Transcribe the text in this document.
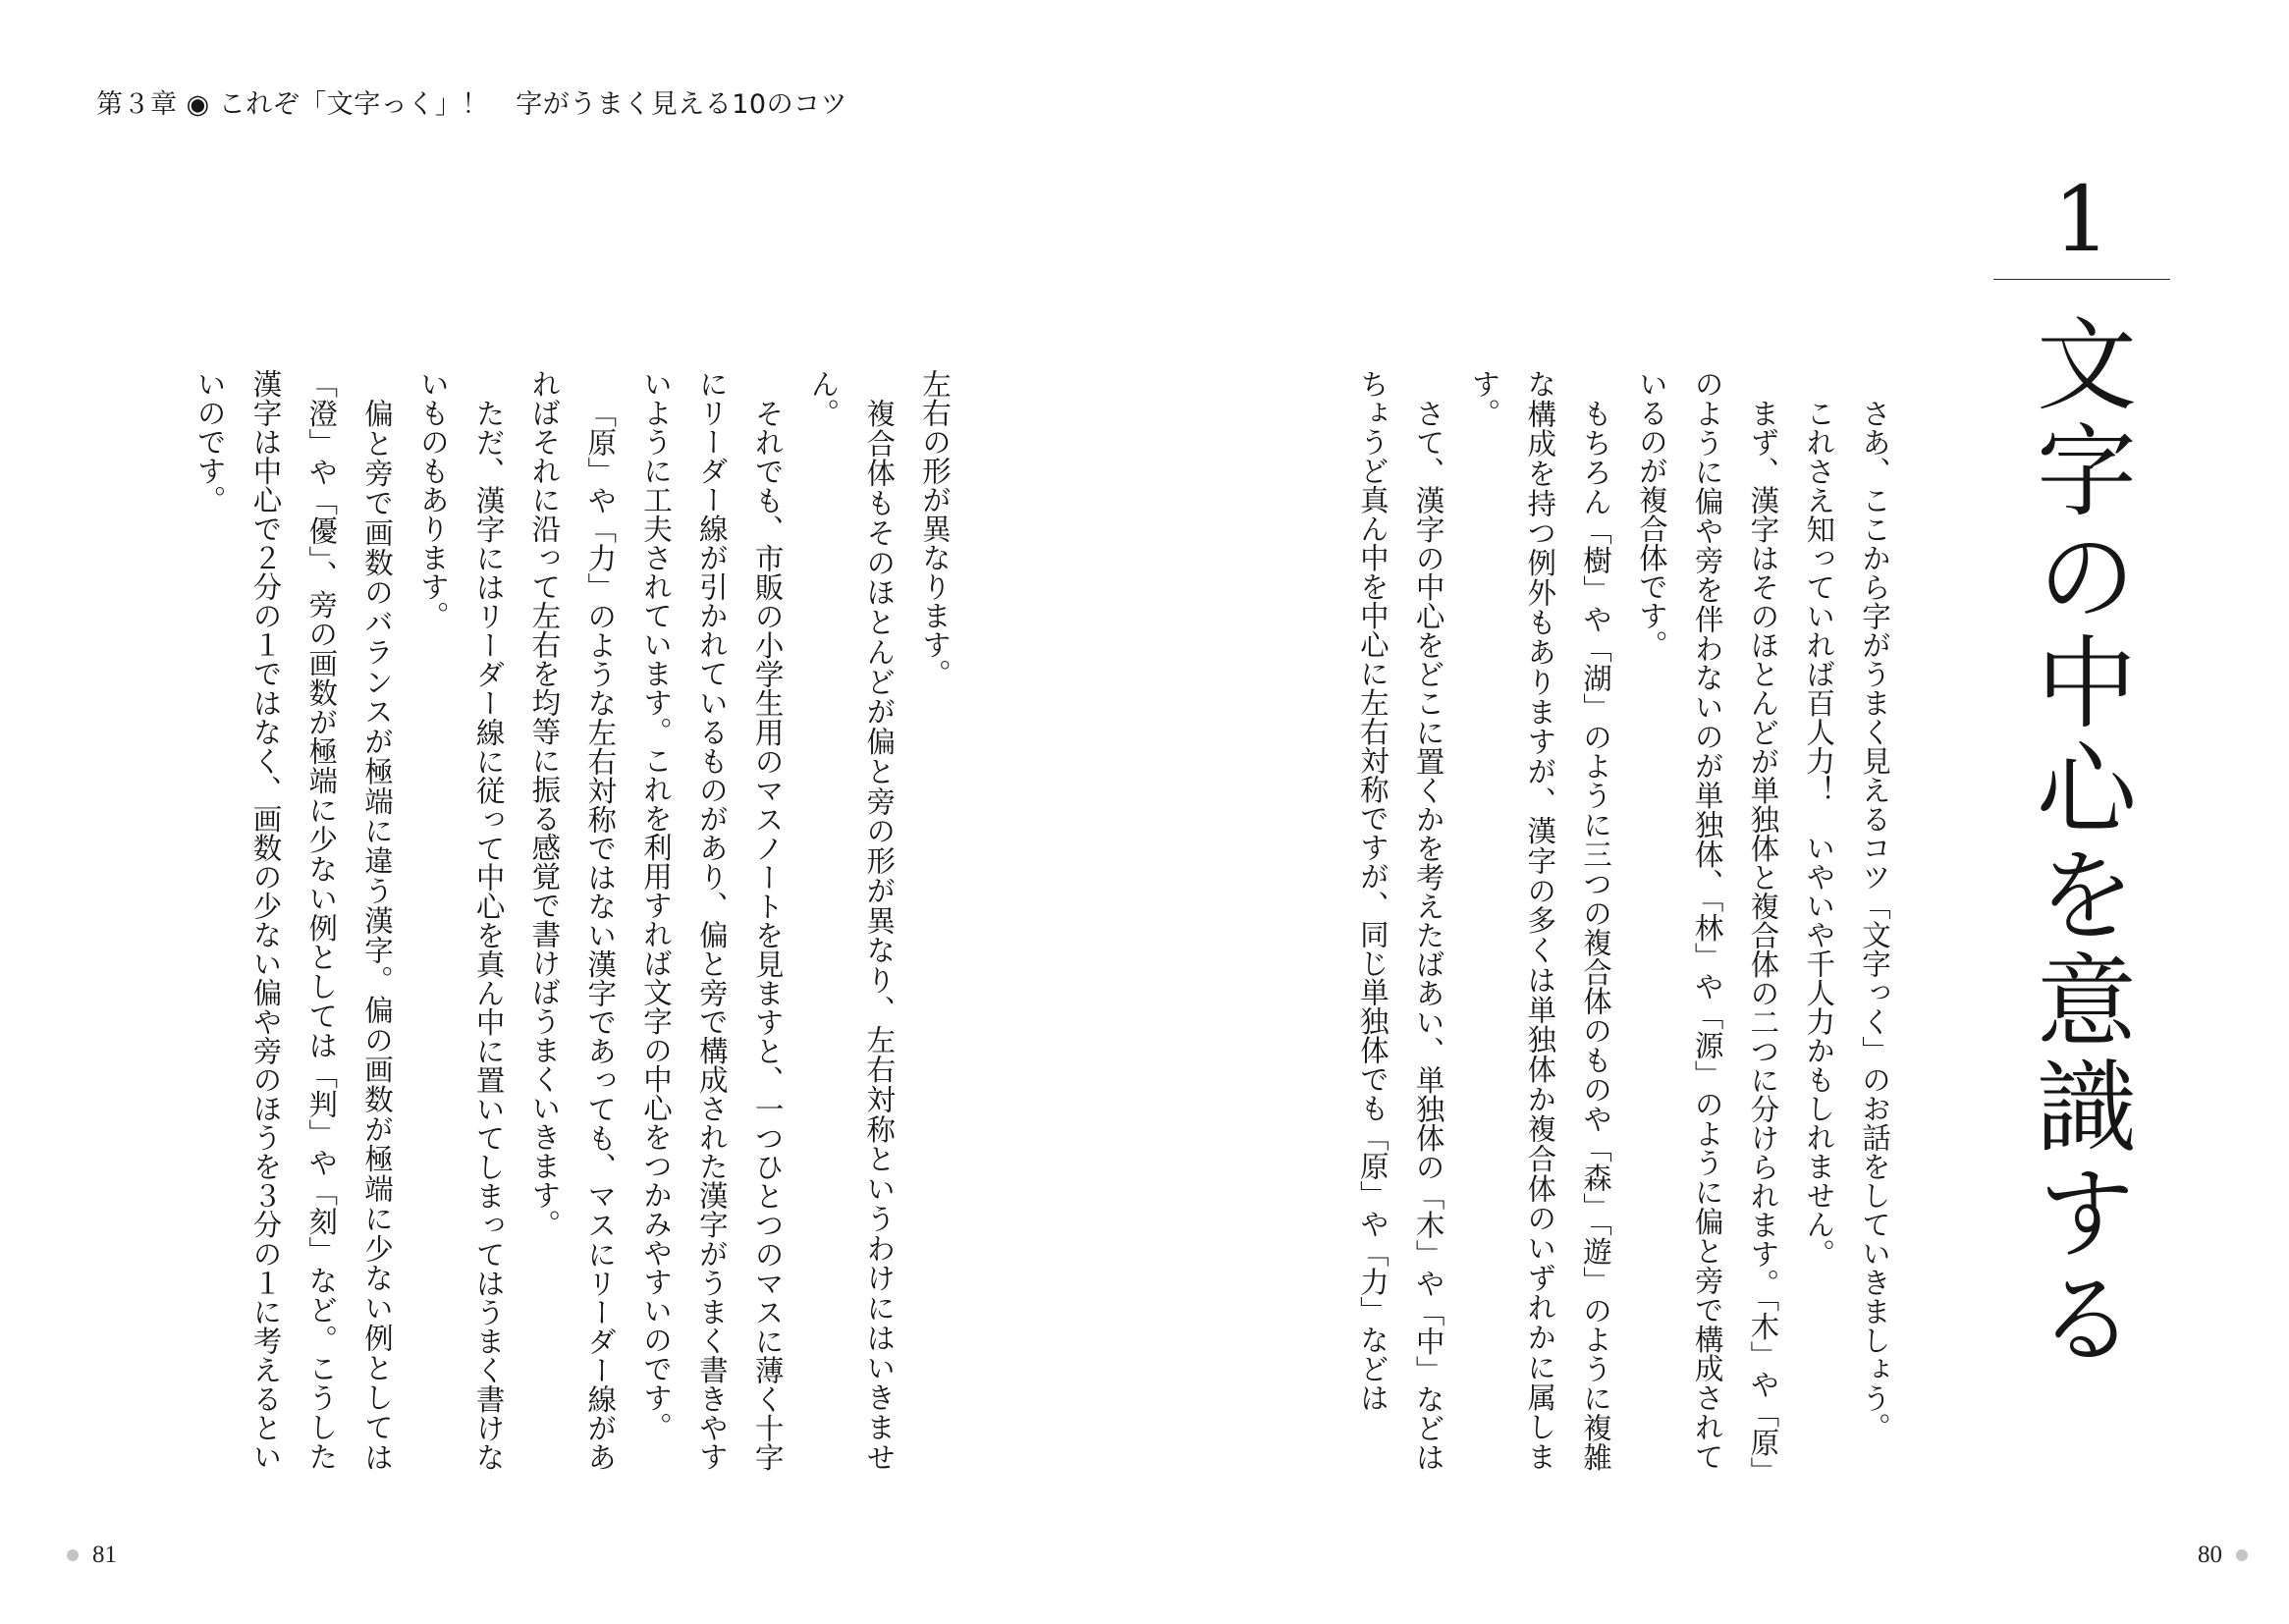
第３章 ◉ これぞ「文字っく」！　字がうまく見える10のコツ
1
文字の中心を意識する

さあ、ここから字がうまく見えるコツ「文字っく」のお話をしていきましょう。

これさえ知っていれば百人力！　いやいや千人力かもしれません。

まず、漢字はそのほとんどが単独体と複合体の二つに分けられます。「木」や「原」のように偏や旁を伴わないのが単独体、「林」や「源」のように偏と旁で構成されているのが複合体です。

もちろん「樹」や「湖」のように三つの複合体のものや「森」「遊」のように複雑な構成を持つ例外もありますが、漢字の多くは単独体か複合体のいずれかに属します。

さて、漢字の中心をどこに置くかを考えたばあい、単独体の「木」や「中」などはちょうど真ん中を中心に左右対称ですが、同じ単独体でも「原」や「力」などは

左右の形が異なります。

複合体もそのほとんどが偏と旁の形が異なり、左右対称というわけにはいきません。

それでも、市販の小学生用のマスノートを見ますと、一つひとつのマスに薄く十字にリーダー線が引かれているものがあり、偏と旁で構成された漢字がうまく書きやすいように工夫されています。これを利用すれば文字の中心をつかみやすいのです。

「原」や「力」のような左右対称ではない漢字であっても、マスにリーダー線があればそれに沿って左右を均等に振る感覚で書けばうまくいきます。

ただ、漢字にはリーダー線に従って中心を真ん中に置いてしまってはうまく書けないものもあります。

偏と旁で画数のバランスが極端に違う漢字。偏の画数が極端に少ない例としては「澄」や「優」、旁の画数が極端に少ない例としては「判」や「刻」など。こうした漢字は中心で２分の１ではなく、画数の少ない偏や旁のほうを３分の１に考えるといいのです。

81	80
